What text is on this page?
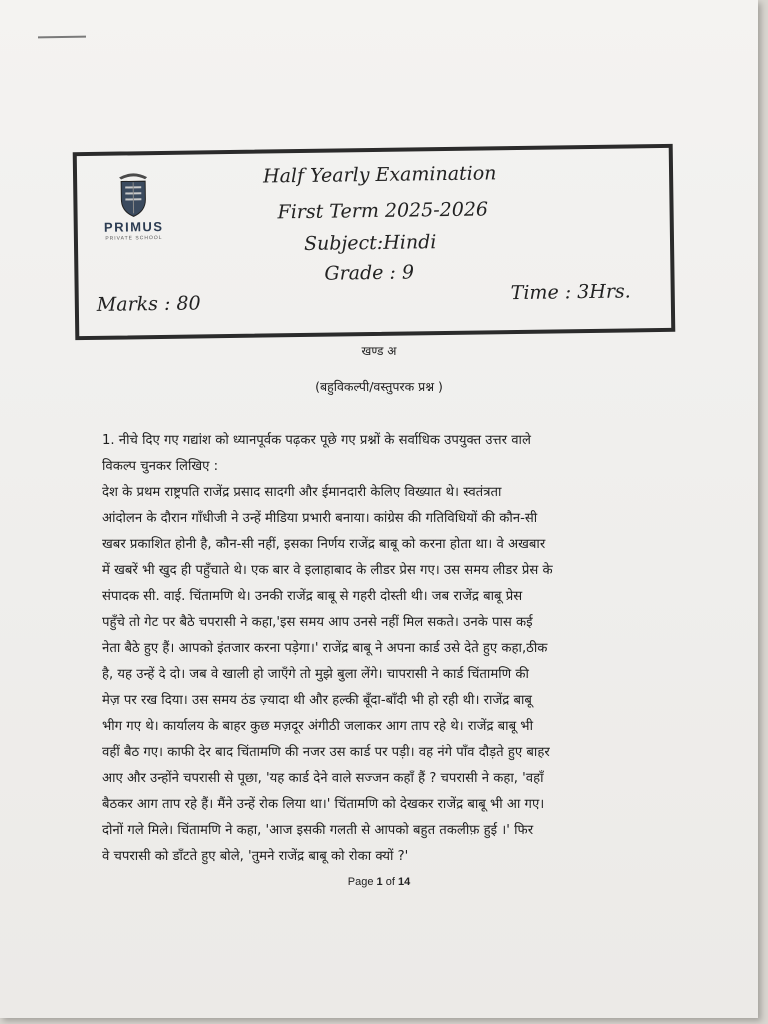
PRIMUS
PRIVATE SCHOOL
Half Yearly Examination
First Term 2025-2026
Subject:Hindi
Grade : 9
Marks : 80
Time : 3Hrs.
खण्ड अ
(बहुविकल्पी/वस्तुपरक प्रश्न )
1. नीचे दिए गए गद्यांश को ध्यानपूर्वक पढ़कर पूछे गए प्रश्नों के सर्वाधिक उपयुक्त उत्तर वाले
विकल्प चुनकर लिखिए :
देश के प्रथम राष्ट्रपति राजेंद्र प्रसाद सादगी और ईमानदारी केलिए विख्यात थे। स्वतंत्रता
आंदोलन के दौरान गाँधीजी ने उन्हें मीडिया प्रभारी बनाया। कांग्रेस की गतिविधियों की कौन-सी
खबर प्रकाशित होनी है, कौन-सी नहीं, इसका निर्णय राजेंद्र बाबू को करना होता था। वे अखबार
में खबरें भी खुद ही पहुँचाते थे। एक बार वे इलाहाबाद के लीडर प्रेस गए। उस समय लीडर प्रेस के
संपादक सी. वाई. चिंतामणि थे। उनकी राजेंद्र बाबू से गहरी दोस्ती थी। जब राजेंद्र बाबू प्रेस
पहुँचे तो गेट पर बैठे चपरासी ने कहा,'इस समय आप उनसे नहीं मिल सकते। उनके पास कई
नेता बैठे हुए हैं। आपको इंतजार करना पड़ेगा।' राजेंद्र बाबू ने अपना कार्ड उसे देते हुए कहा,ठीक
है, यह उन्हें दे दो। जब वे खाली हो जाएँगे तो मुझे बुला लेंगे। चापरासी ने कार्ड चिंतामणि की
मेज़ पर रख दिया। उस समय ठंड ज़्यादा थी और हल्की बूँदा-बाँदी भी हो रही थी। राजेंद्र बाबू
भीग गए थे। कार्यालय के बाहर कुछ मज़दूर अंगीठी जलाकर आग ताप रहे थे। राजेंद्र बाबू भी
वहीं बैठ गए। काफी देर बाद चिंतामणि की नजर उस कार्ड पर पड़ी। वह नंगे पाँव दौड़ते हुए बाहर
आए और उन्होंने चपरासी से पूछा, 'यह कार्ड देने वाले सज्जन कहाँ हैं ? चपरासी ने कहा, 'वहाँ
बैठकर आग ताप रहे हैं। मैंने उन्हें रोक लिया था।' चिंतामणि को देखकर राजेंद्र बाबू भी आ गए।
दोनों गले मिले। चिंतामणि ने कहा, 'आज इसकी गलती से आपको बहुत तकलीफ़ हुई ।' फिर
वे चपरासी को डाँटते हुए बोले, 'तुमने राजेंद्र बाबू को रोका क्यों ?'
Page 1 of 14
